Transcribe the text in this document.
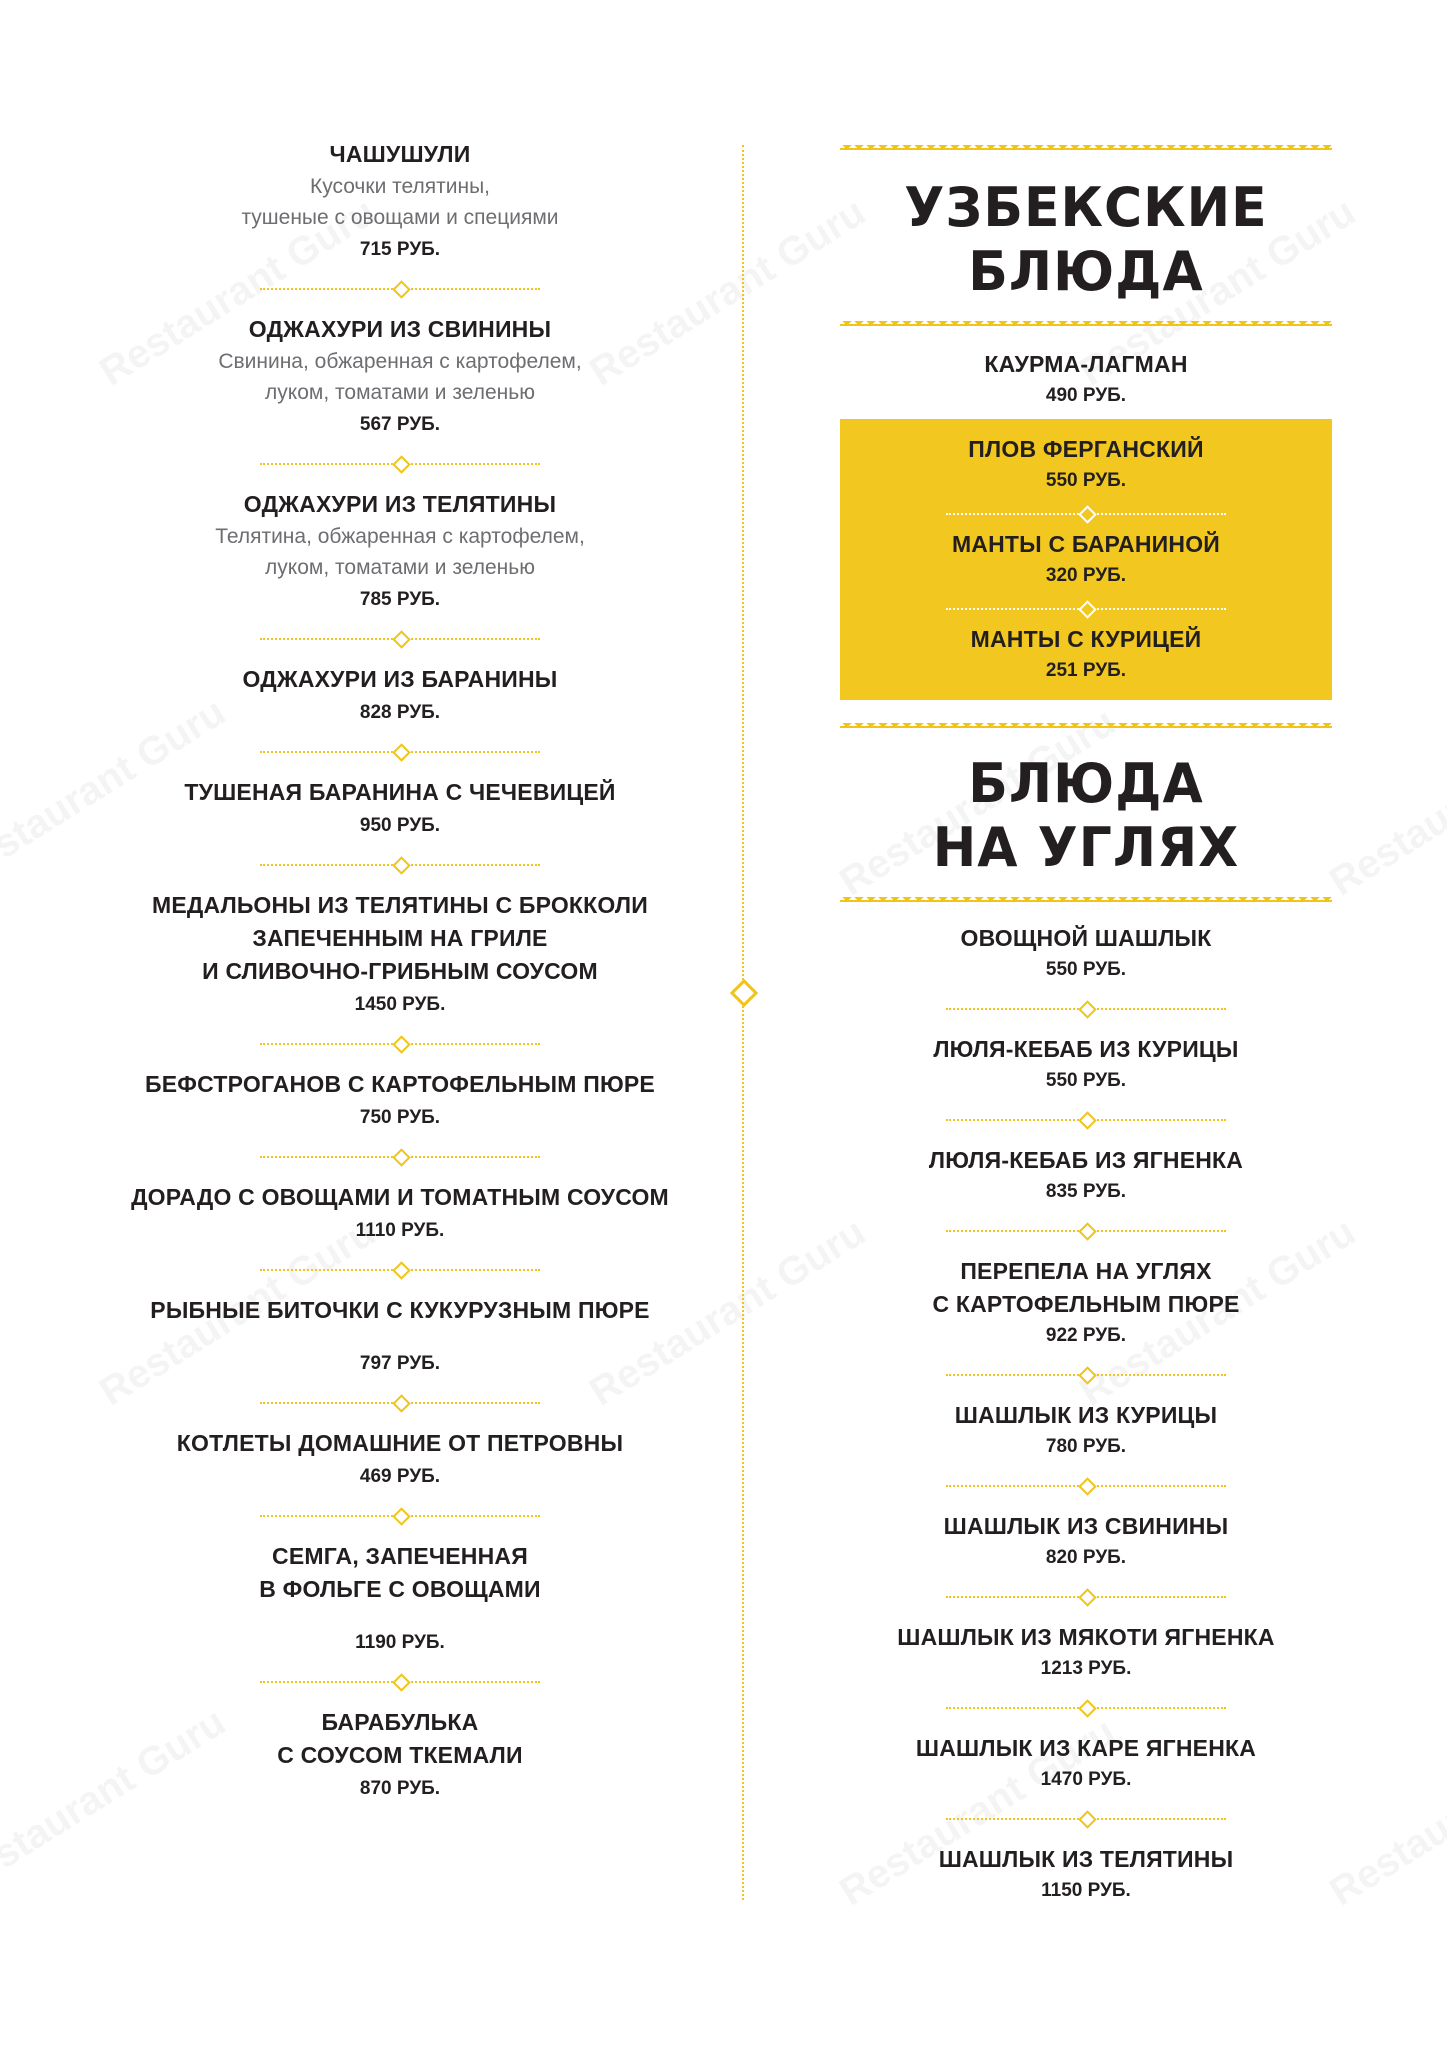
ЧАШУШУЛИ
Кусочки телятины,
тушеные с овощами и специями
715 РУБ.
ОДЖАХУРИ ИЗ СВИНИНЫ
Свинина, обжаренная с картофелем,
луком, томатами и зеленью
567 РУБ.
ОДЖАХУРИ ИЗ ТЕЛЯТИНЫ
Телятина, обжаренная с картофелем,
луком, томатами и зеленью
785 РУБ.
ОДЖАХУРИ ИЗ БАРАНИНЫ
828 РУБ.
ТУШЕНАЯ БАРАНИНА С ЧЕЧЕВИЦЕЙ
950 РУБ.
МЕДАЛЬОНЫ ИЗ ТЕЛЯТИНЫ С БРОККОЛИ
ЗАПЕЧЕННЫМ НА ГРИЛЕ
И СЛИВОЧНО-ГРИБНЫМ СОУСОМ
1450 РУБ.
БЕФСТРОГАНОВ С КАРТОФЕЛЬНЫМ ПЮРЕ
750 РУБ.
ДОРАДО С ОВОЩАМИ И ТОМАТНЫМ СОУСОМ
1110 РУБ.
РЫБНЫЕ БИТОЧКИ С КУКУРУЗНЫМ ПЮРЕ
797 РУБ.
КОТЛЕТЫ ДОМАШНИЕ ОТ ПЕТРОВНЫ
469 РУБ.
СЕМГА, ЗАПЕЧЕННАЯ
В ФОЛЬГЕ С ОВОЩАМИ
1190 РУБ.
БАРАБУЛЬКА
С СОУСОМ ТКЕМАЛИ
870 РУБ.
УЗБЕКСКИЕ
БЛЮДА
КАУРМА-ЛАГМАН
490 РУБ.
ПЛОВ ФЕРГАНСКИЙ
550 РУБ.
МАНТЫ С БАРАНИНОЙ
320 РУБ.
МАНТЫ С КУРИЦЕЙ
251 РУБ.
БЛЮДА
НА УГЛЯХ
ОВОЩНОЙ ШАШЛЫК
550 РУБ.
ЛЮЛЯ-КЕБАБ ИЗ КУРИЦЫ
550 РУБ.
ЛЮЛЯ-КЕБАБ ИЗ ЯГНЕНКА
835 РУБ.
ПЕРЕПЕЛА НА УГЛЯХ
С КАРТОФЕЛЬНЫМ ПЮРЕ
922 РУБ.
ШАШЛЫК ИЗ КУРИЦЫ
780 РУБ.
ШАШЛЫК ИЗ СВИНИНЫ
820 РУБ.
ШАШЛЫК ИЗ МЯКОТИ ЯГНЕНКА
1213 РУБ.
ШАШЛЫК ИЗ КАРЕ ЯГНЕНКА
1470 РУБ.
ШАШЛЫК ИЗ ТЕЛЯТИНЫ
1150 РУБ.
